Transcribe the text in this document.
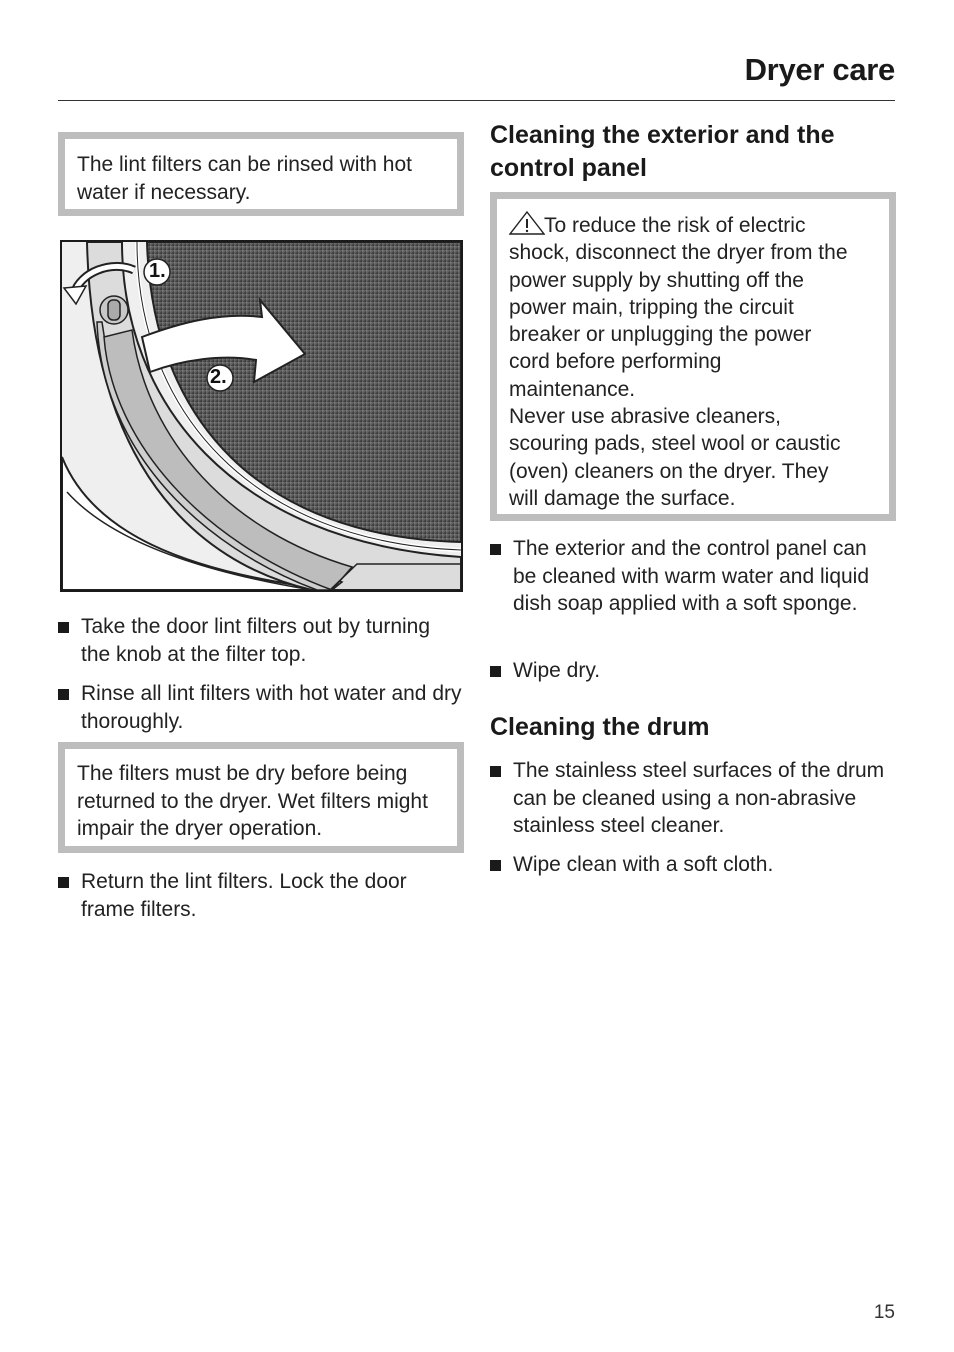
Dryer care
The lint filters can be rinsed with hot water if necessary.
1.
2.
Take the door lint filters out by turning the knob at the filter top.
Rinse all lint filters with hot water and dry thoroughly.
The filters must be dry before being returned to the dryer. Wet filters might impair the dryer operation.
Return the lint filters. Lock the door frame filters.
Cleaning the exterior and the control panel
To reduce the risk of electric
shock, disconnect the dryer from the
power supply by shutting off the
power main, tripping the circuit
breaker or unplugging the power
cord before performing
maintenance.
Never use abrasive cleaners,
scouring pads, steel wool or caustic
(oven) cleaners on the dryer. They
will damage the surface.
The exterior and the control panel can be cleaned with warm water and liquid dish soap applied with a soft sponge.
Wipe dry.
Cleaning the drum
The stainless steel surfaces of the drum can be cleaned using a non-abrasive stainless steel cleaner.
Wipe clean with a soft cloth.
15
